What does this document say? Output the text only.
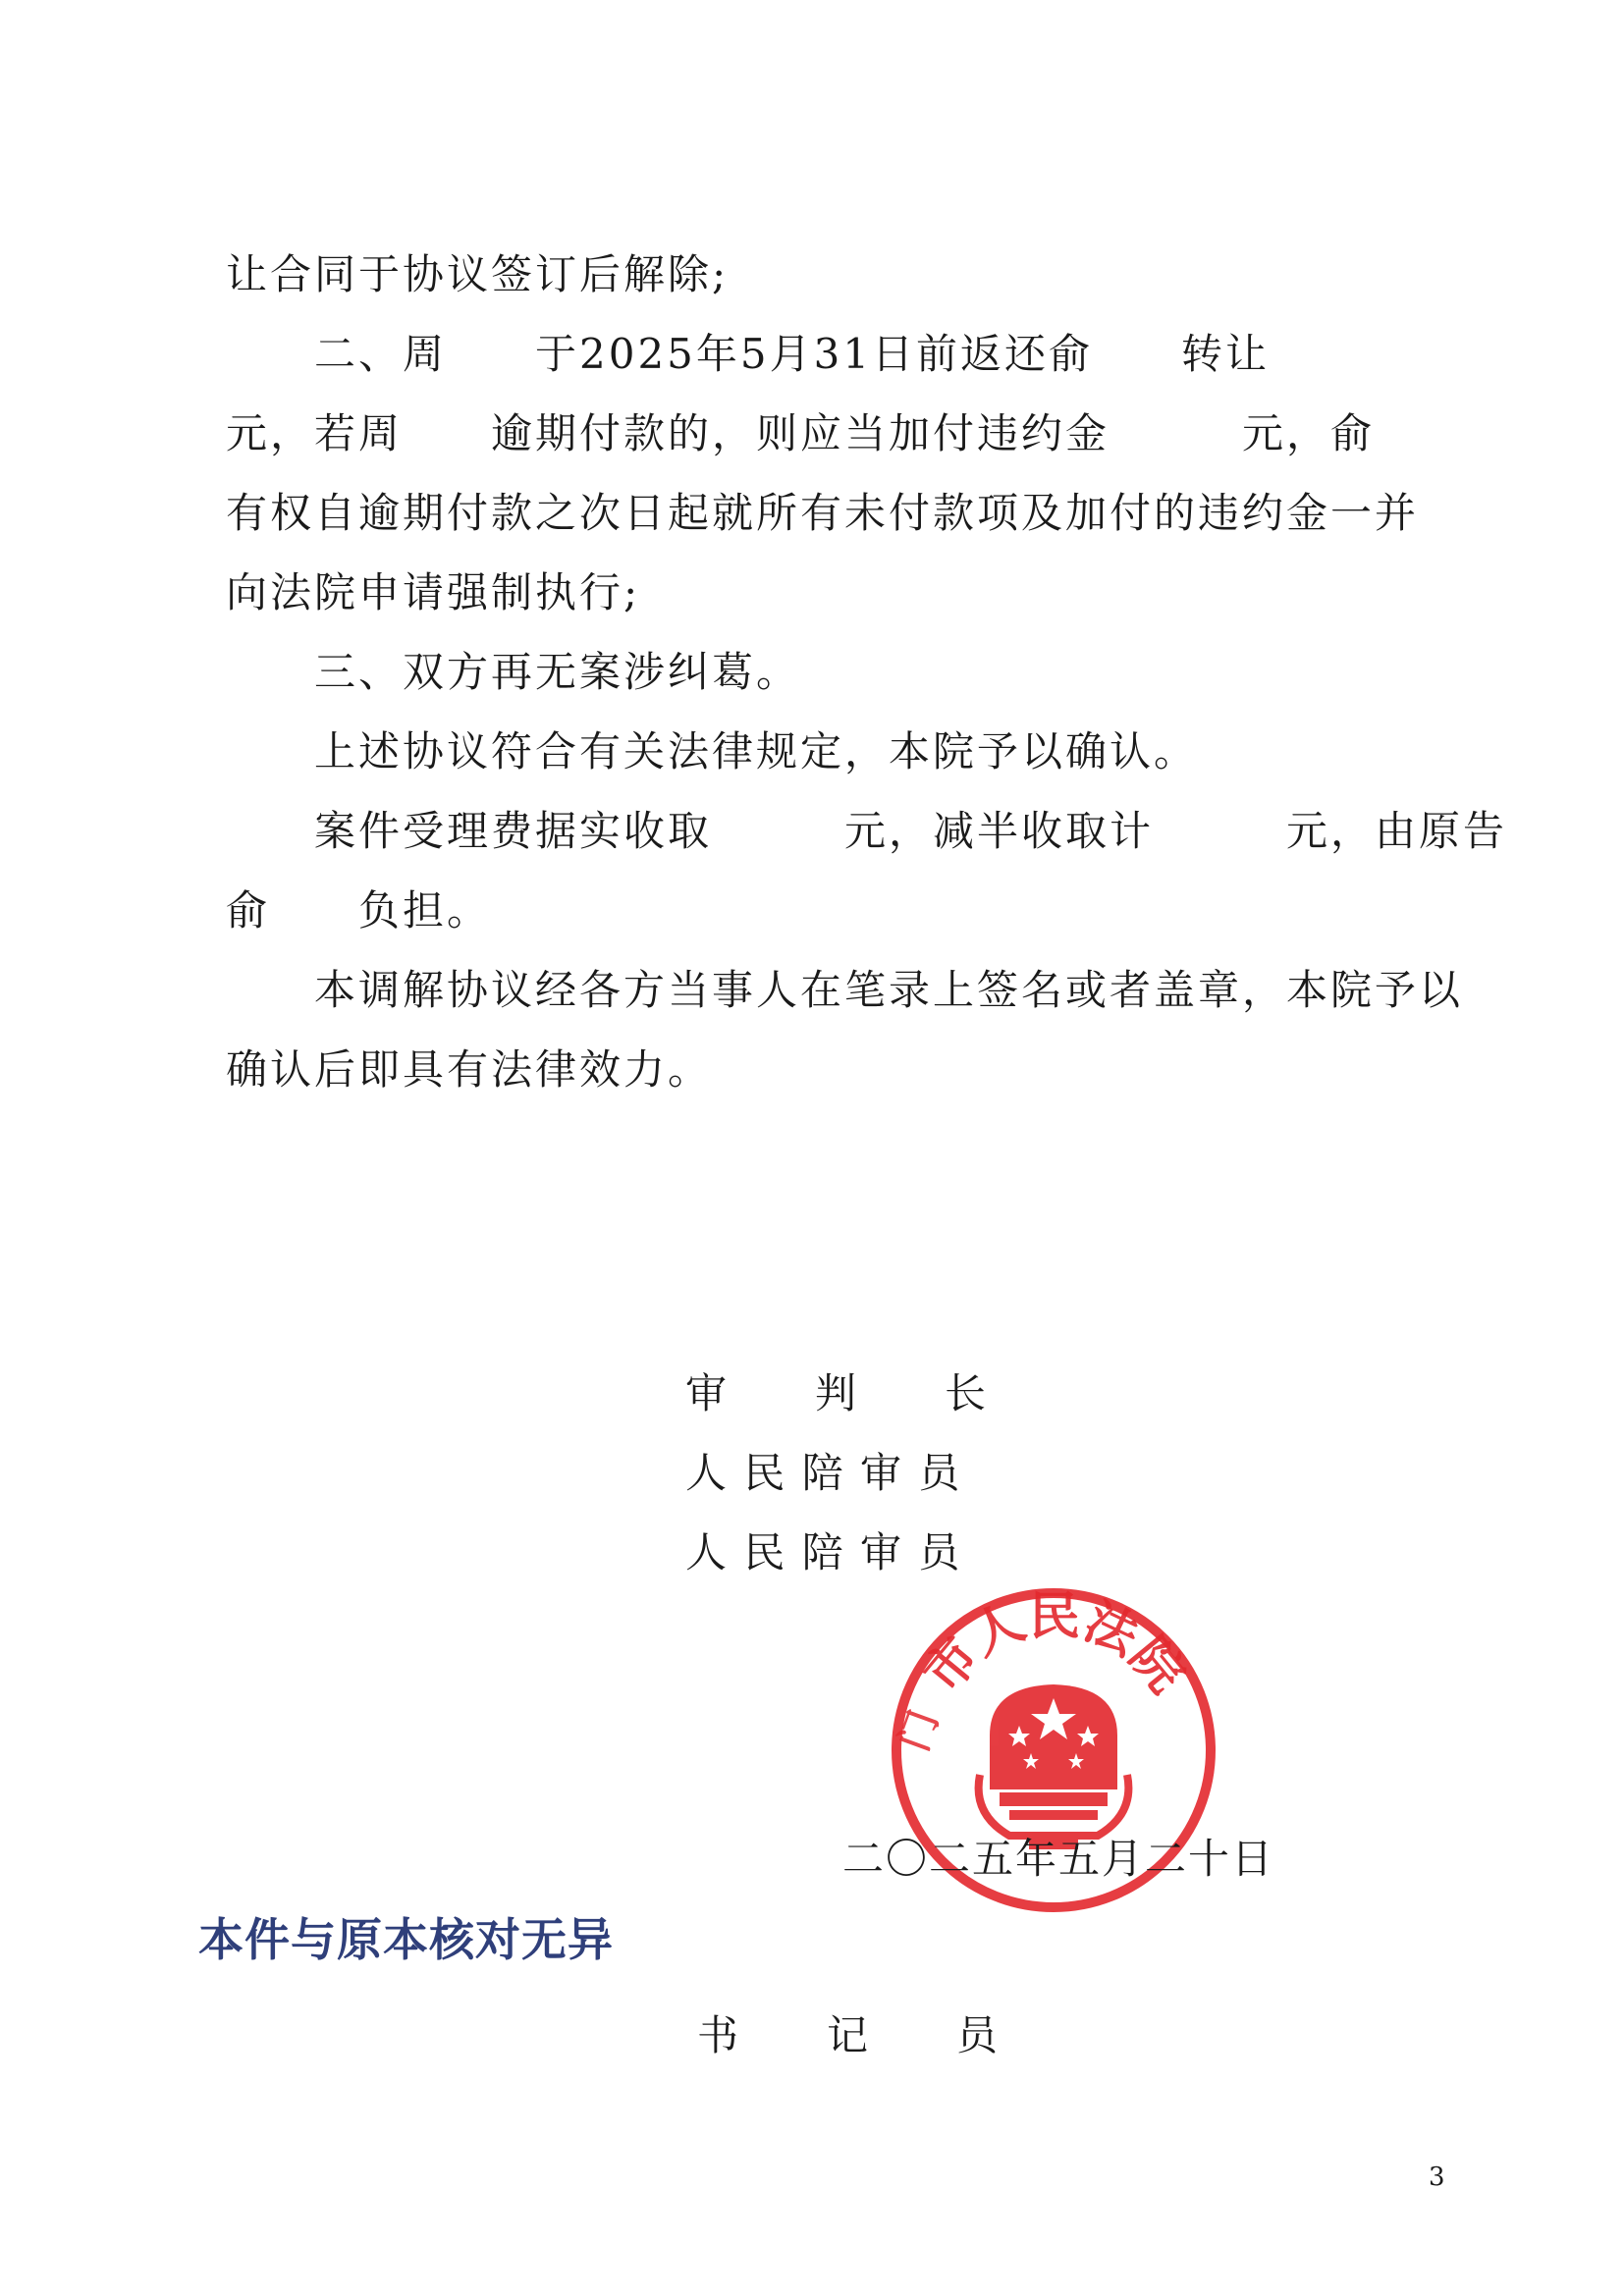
让合同于协议签订后解除;
二、周　　于2025年5月31日前返还俞　　转让
元，若周　　逾期付款的，则应当加付违约金　　　元，俞
有权自逾期付款之次日起就所有未付款项及加付的违约金一并
向法院申请强制执行;
三、双方再无案涉纠葛。
上述协议符合有关法律规定，本院予以确认。
案件受理费据实收取　　　元，减半收取计　　　元，由原告
俞　　负担。
本调解协议经各方当事人在笔录上签名或者盖章，本院予以
确认后即具有法律效力。
审　　判　　长
人 民 陪 审 员
人 民 陪 审 员
市人民法院
门
二〇二五年五月二十日
本件与原本核对无异
书　　记　　员
3
